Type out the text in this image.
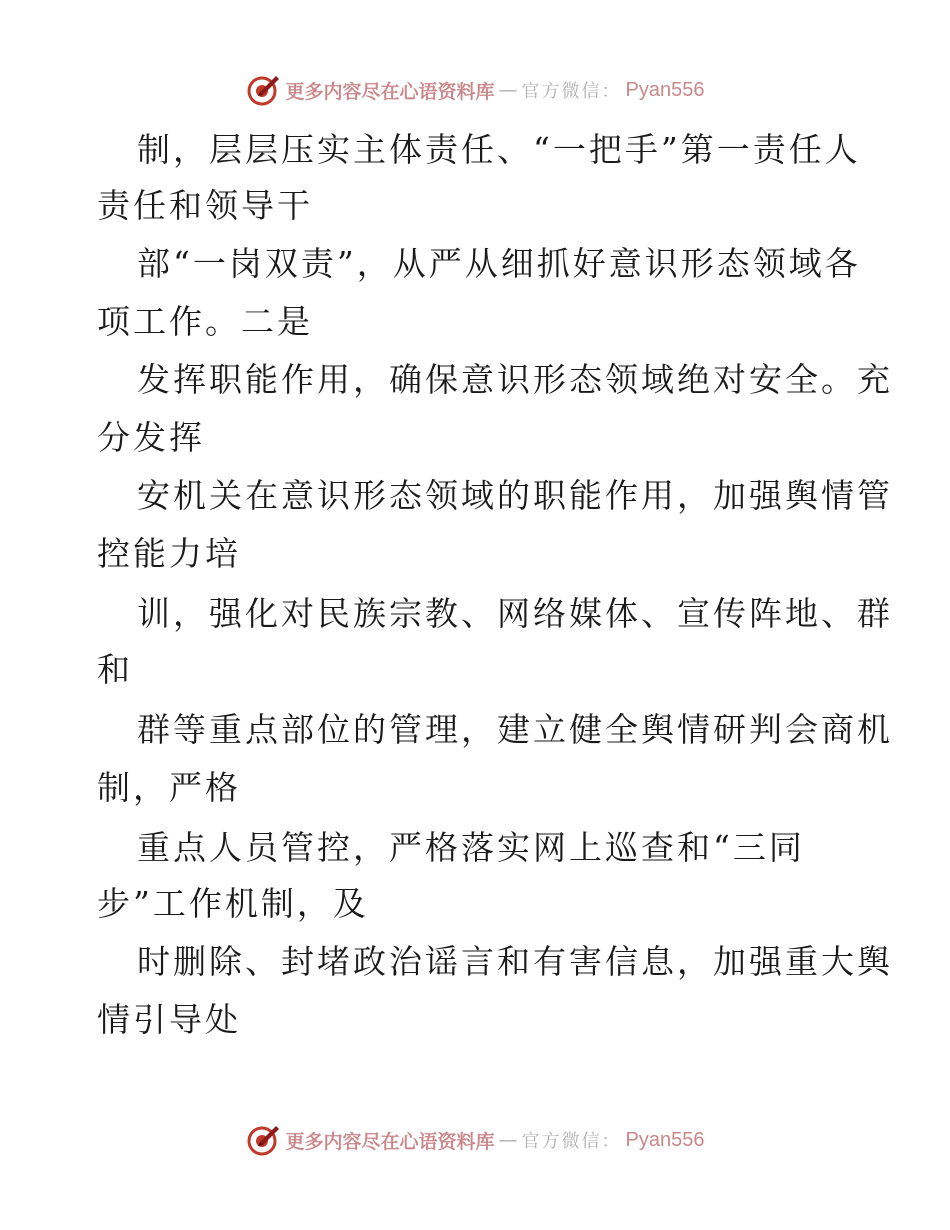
更多内容尽在心语资料库 — 官方微信： Pyan556
制，层层压实主体责任、“一把手”第一责任人
责任和领导干
部“一岗双责”，从严从细抓好意识形态领域各
项工作。二是
发挥职能作用，确保意识形态领域绝对安全。充
分发挥
安机关在意识形态领域的职能作用，加强舆情管
控能力培
训，强化对民族宗教、网络媒体、宣传阵地、群
和
群等重点部位的管理，建立健全舆情研判会商机
制，严格
重点人员管控，严格落实网上巡查和“三同
步”工作机制，及
时删除、封堵政治谣言和有害信息，加强重大舆
情引导处
更多内容尽在心语资料库 — 官方微信： Pyan556
